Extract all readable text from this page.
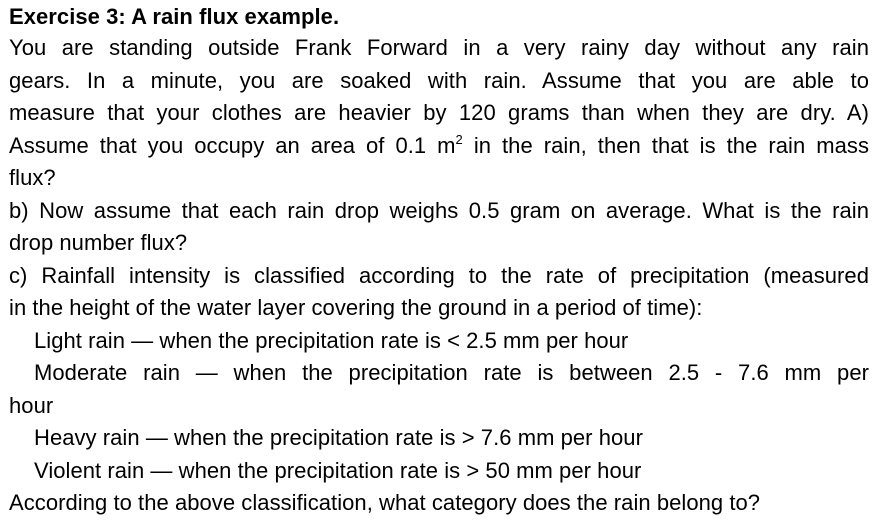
Exercise 3: A rain flux example.
You are standing outside Frank Forward in a very rainy day without any rain
gears. In a minute, you are soaked with rain. Assume that you are able to
measure that your clothes are heavier by 120 grams than when they are dry. A)
Assume that you occupy an area of 0.1 $m^2$ in the rain, then that is the rain mass
flux?
b) Now assume that each rain drop weighs 0.5 gram on average. What is the rain
drop number flux?
c) Rainfall intensity is classified according to the rate of precipitation (measured
in the height of the water layer covering the ground in a period of time):
Light rain — when the precipitation rate is < 2.5 mm per hour
Moderate rain — when the precipitation rate is between 2.5 - 7.6 mm per
hour
Heavy rain — when the precipitation rate is > 7.6 mm per hour
Violent rain — when the precipitation rate is > 50 mm per hour
According to the above classification, what category does the rain belong to?
